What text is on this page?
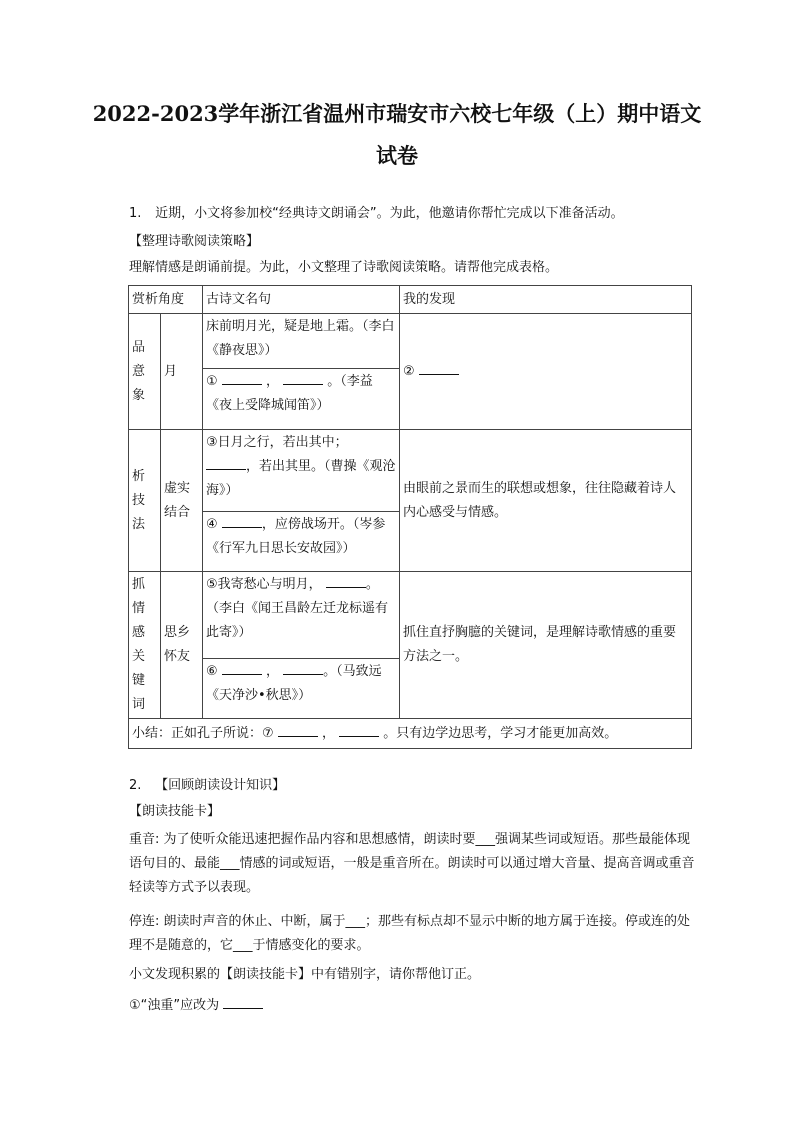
2022-2023学年浙江省温州市瑞安市六校七年级（上）期中语文
试卷
1. 近期，小文将参加校“经典诗文朗诵会”。为此，他邀请你帮忙完成以下准备活动。
【整理诗歌阅读策略】
理解情感是朗诵前提。为此，小文整理了诗歌阅读策略。请帮他完成表格。
赏析角度		古诗文名句	我的发现
品意象	月	床前明月光，疑是地上霜。（李白《静夜思》）	②
		① ， 。（李益《夜上受降城闻笛》）	
析技法	虚实结合	③日月之行，若出其中；
，若出其里。（曹操《观沧海》）	由眼前之景而生的联想或想象，往往隐藏着诗人内心感受与情感。
		④ ，应傍战场开。（岑参《行军九日思长安故园》）	
抓情感关键词	思乡怀友	⑤我寄愁心与明月， 。（李白《闻王昌龄左迁龙标遥有此寄》）	抓住直抒胸臆的关键词，是理解诗歌情感的重要方法之一。
		⑥ ， 。（马致远《天净沙•秋思》）	
小结：正如孔子所说：⑦ ， 。只有边学边思考，学习才能更加高效。			
2. 【回顾朗读设计知识】
【朗读技能卡】
重音: 为了使听众能迅速把握作品内容和思想感情，朗读时要___强调某些词或短语。那些最能体现语句目的、最能___情感的词或短语，一般是重音所在。朗读时可以通过增大音量、提高音调或重音轻读等方式予以表现。
停连: 朗读时声音的休止、中断，属于___；那些有标点却不显示中断的地方属于连接。停或连的处理不是随意的，它___于情感变化的要求。
小文发现积累的【朗读技能卡】中有错别字，请你帮他订正。
①“浊重”应改为
